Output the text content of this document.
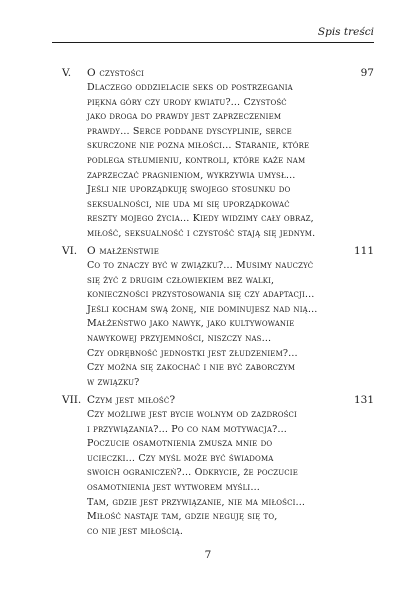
Spis treści
V. O czystości	97
Dlaczego oddzielacie seks od postrzegania
piękna góry czy urody kwiatu?… Czystość
jako droga do prawdy jest zaprzeczeniem
prawdy… Serce poddane dyscyplinie, serce
skurczone nie pozna miłości… Staranie, które
podlega stłumieniu, kontroli, które każe nam
zaprzeczać pragnieniom, wykrzywia umysł…
Jeśli nie uporządkuję swojego stosunku do
seksualności, nie uda mi się uporządkować
reszty mojego życia… Kiedy widzimy cały obraz,
miłość, seksualność i czystość stają się jednym.
VI. O małżeństwie	111
Co to znaczy być w związku?… Musimy nauczyć
się żyć z drugim człowiekiem bez walki,
konieczności przystosowania się czy adaptacji…
Jeśli kocham swą żonę, nie dominujesz nad nią…
Małżeństwo jako nawyk, jako kultywowanie
nawykowej przyjemności, niszczy nas…
Czy odrębność jednostki jest złudzeniem?…
Czy można się zakochać i nie być zaborczym
w związku?
VII. Czym jest miłość?	131
Czy możliwe jest bycie wolnym od zazdrości
i przywiązania?… Po co nam motywacja?…
Poczucie osamotnienia zmusza mnie do
ucieczki… Czy myśl może być świadoma
swoich ograniczeń?… Odkrycie, że poczucie
osamotnienia jest wytworem myśli…
Tam, gdzie jest przywiązanie, nie ma miłości…
Miłość nastaje tam, gdzie neguję się to,
co nie jest miłością.
7
